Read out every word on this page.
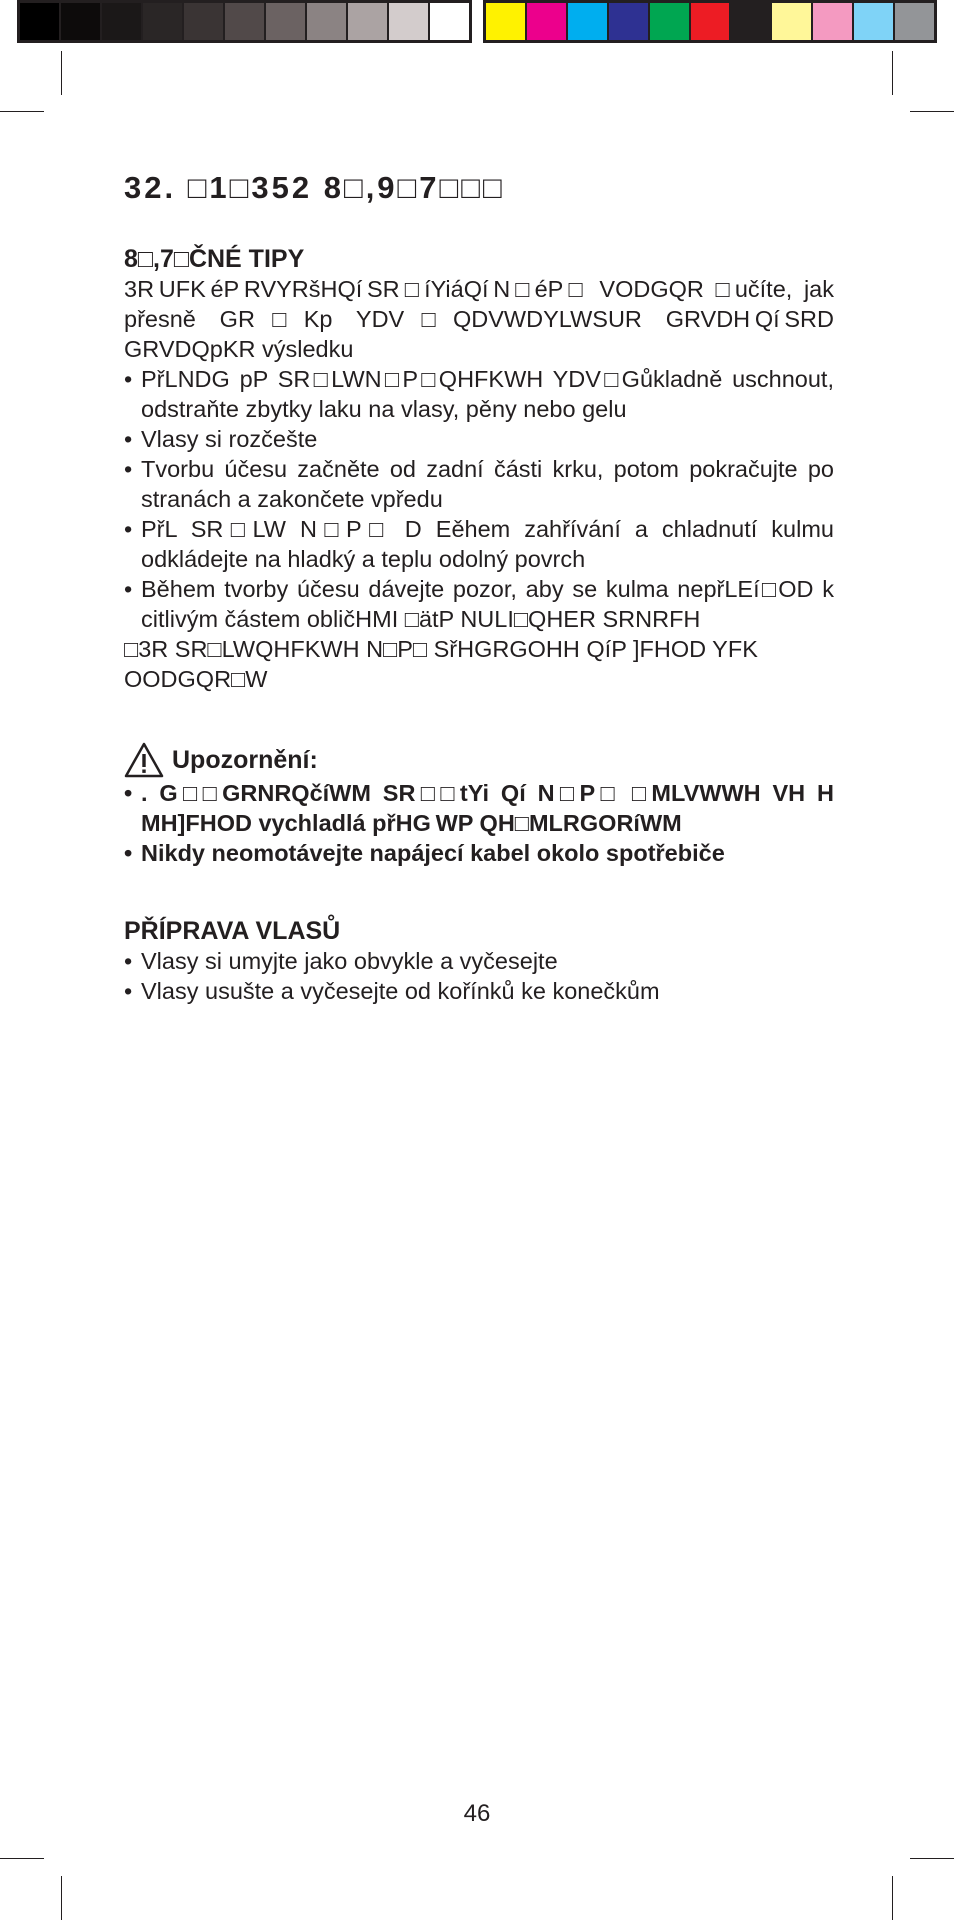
32. □1□352 8□,9□7□□□
8□,7□ČNÉ TIPY

3R UFK éP RVYRšHQí SR□íYiáQí N□éP□ VODGQR □učíte, jak přesně GR□Kp YDV□QDVWDYLWSUR GRVDH Qí SRD GRVDQpKR výsledku

• PřLNDG pP SR□LWN□P□QHFKWH YDV□Gůkladně uschnout, odstraňte zbytky laku na vlasy, pěny nebo gelu
• Vlasy si rozčešte
• Tvorbu účesu začněte od zadní části krku, potom pokračujte po stranách a zakončete vpředu
• PřL SR□LW N□P□ D Eěhem zahřívání a chladnutí kulmu odkládejte na hladký a teplu odolný povrch
• Během tvorby účesu dávejte pozor, aby se kulma nepřLEí□OD k citlivým částem obličHMI □ätP NULI□QHER SRNRFH

□3R SR□LWQHFKWH N□P□ SřHGRGOHH QíP ]FHOD YFK OODGQR□W

Upozornění:
• . G□□GRNRQčíWM SR□□tYi Qí N□P□ □MLVWWH VH H MH]FHOD vychladlá přHG WP QH□MLRGORíWM
• Nikdy neomotávejte napájecí kabel okolo spotřebiče
PŘÍPRAVA VLASŮ
• Vlasy si umyjte jako obvykle a vyčesejte
• Vlasy usušte a vyčesejte od kořínků ke konečkům
46
